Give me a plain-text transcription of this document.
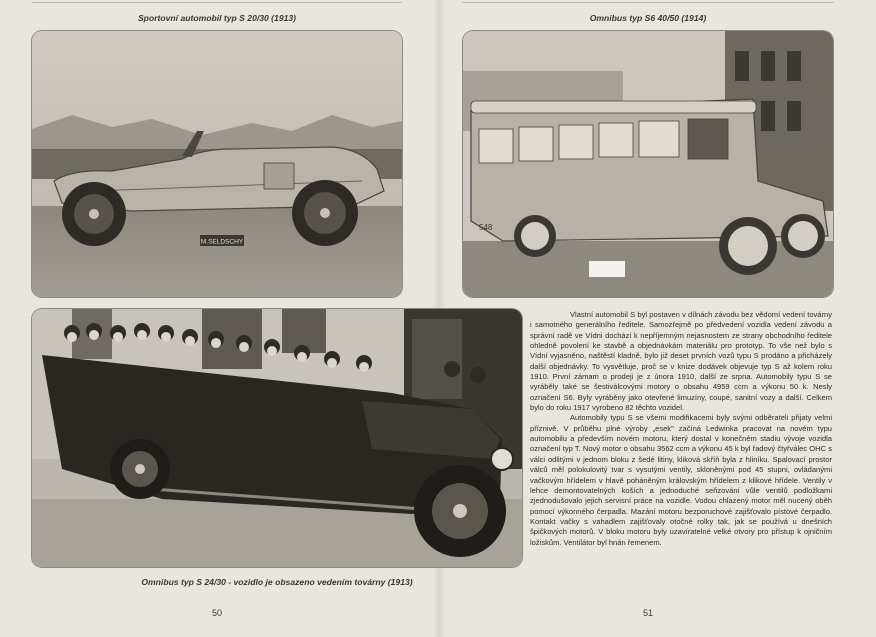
Sportovní automobil typ S 20/30 (1913)	Omnibus typ S6 40/50 (1914)
M.SELDSCHY
548
Omnibus typ S 24/30 - vozidlo je obsazeno vedením továrny (1913)

Vlastní automobil S byl postaven v dílnách závodu bez vědomí vedení továrny i samotného generálního ředitele. Samozřejmě po předvedení vozidla vedení závodu a správní radě ve Vídni dochází k nepříjemným nejasnostem ze strany obchodního ředitele ohledně povolení ke stavbě a objednávkám materiálu pro prototyp. To vše než bylo s Vídní vyjasněno, naštěstí kladně, bylo již deset prvních vozů typu S prodáno a přicházely další objednávky. To vysvětluje, proč se v knize dodávek objevuje typ S až kolem roku 1910. První zámam o prodeji je z února 1910, další ze srpna. Automobily typu S se vyráběly také se šestiválcovými motory o obsahu 4959 ccm a výkonu 50 k. Nesly označení S6. Byly vyráběny jako otevřené limuzíny, coupé, sanitní vozy a další. Celkem bylo do roku 1917 vyrobeno 82 těchto vozidel.

Automobily typu S se všemi modifikacemi byly svými odběrateli přijaty velmi příznivě. V průběhu plné výroby „esek" začíná Ledwinka pracovat na novém typu automobilu a především novém motoru, který dostal v konečném stadiu vývoje vozidla označení typ T. Nový motor o obsahu 3562 ccm a výkonu 45 k byl řadový čtyřválec OHC s válci odlitými v jednom bloku z šedé litiny, kliková skříň byla z hliníku. Spalovací prostor válců měl polokulovitý tvar s vysutými ventily, skloněnými pod 45 stupni, ovládanými vačkovým hřídelem v hlavě poháněným královským hřídelem z klikové hřídele. Ventily v lehce demontovatelných koších a jednoduché seřizování vůle ventilů podložkami zjednodušovalo jejich servisní práce na vozidle. Vodou chlazený motor měl nucený oběh pomocí výkonného čerpadla. Mazání motoru bezporuchové zajišťovalo pístové čerpadlo. Kontakt vačky s vahadlem zajišťovaly otočné rolky tak, jak se používá u dnešních špičkových motorů. V bloku motoru byly uzavíratelné velké otvory pro přístup k ojničním ložiskům. Ventilátor byl hnán řemenem.

50	51
